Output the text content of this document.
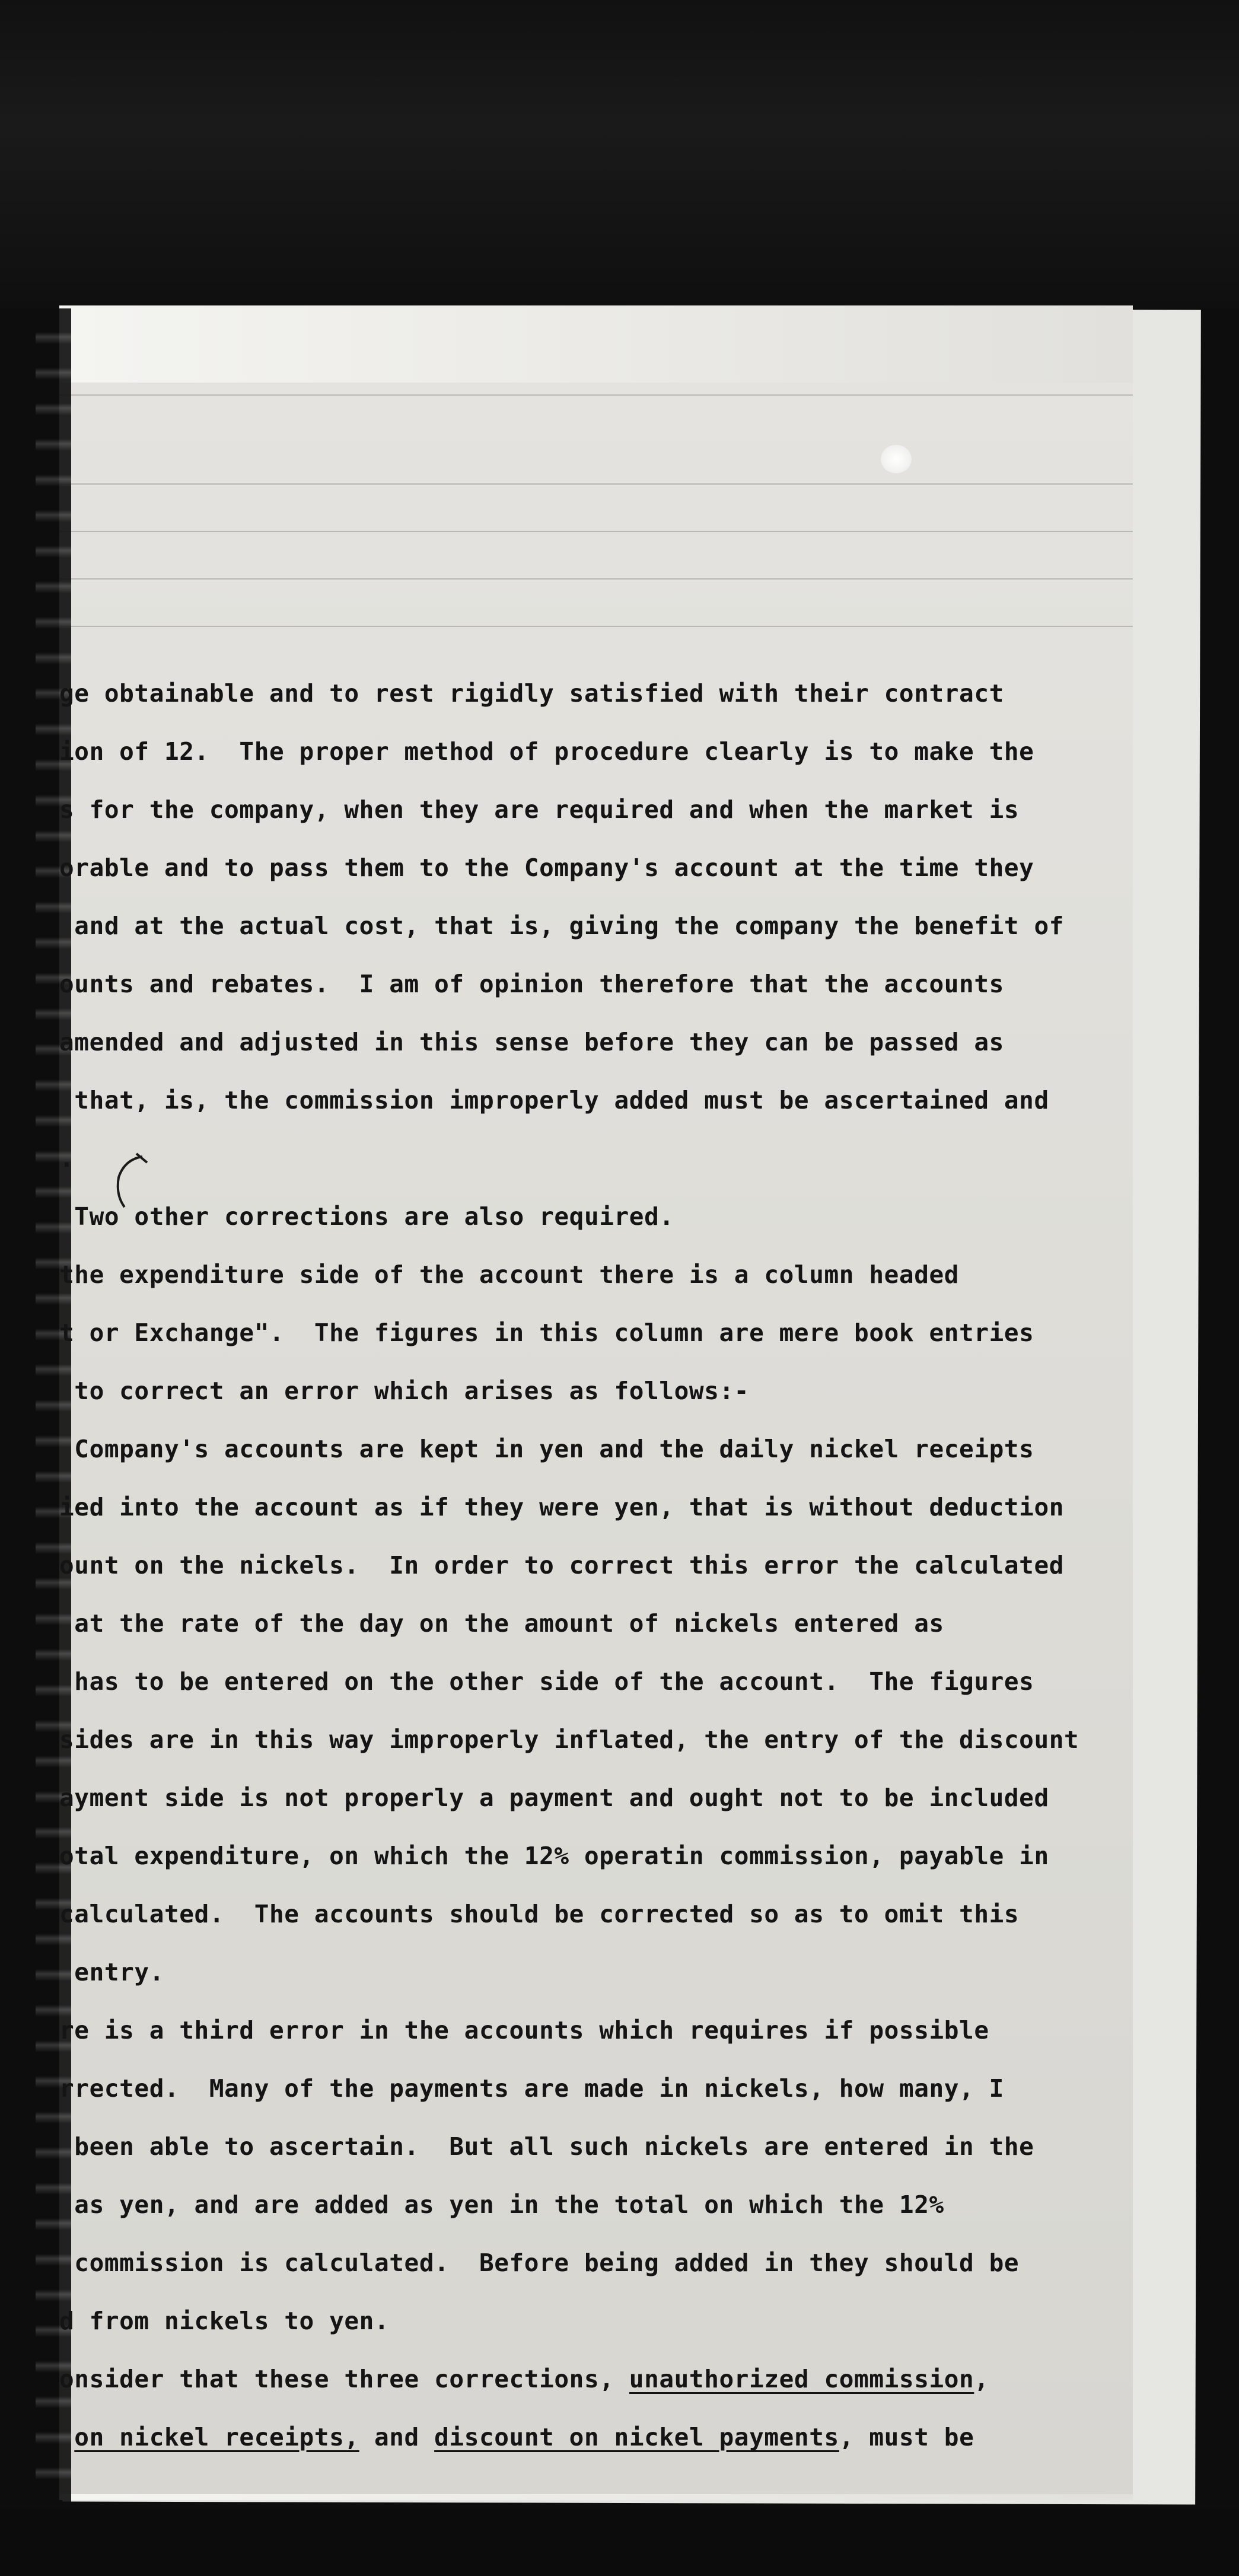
ge obtainable and to rest rigidly satisfied with their contract
ion of 12.  The proper method of procedure clearly is to make the
s for the company, when they are required and when the market is
orable and to pass them to the Company's account at the time they
and at the actual cost, that is, giving the company the benefit of
ounts and rebates.  I am of opinion therefore that the accounts
amended and adjusted in this sense before they can be passed as
that, is, the commission improperly added must be ascertained and
.
Two other corrections are also required.
the expenditure side of the account there is a column headed
t or Exchange".  The figures in this column are mere book entries
to correct an error which arises as follows:-
Company's accounts are kept in yen and the daily nickel receipts
ied into the account as if they were yen, that is without deduction
ount on the nickels.  In order to correct this error the calculated
at the rate of the day on the amount of nickels entered as
has to be entered on the other side of the account.  The figures
sides are in this way improperly inflated, the entry of the discount
ayment side is not properly a payment and ought not to be included
otal expenditure, on which the 12% operatin commission, payable in
calculated.  The accounts should be corrected so as to omit this
entry.
re is a third error in the accounts which requires if possible
rrected.  Many of the payments are made in nickels, how many, I
been able to ascertain.  But all such nickels are entered in the
as yen, and are added as yen in the total on which the 12%
commission is calculated.  Before being added in they should be
d from nickels to yen.
onsider that these three corrections, unauthorized commission,
on nickel receipts, and discount on nickel payments, must be
